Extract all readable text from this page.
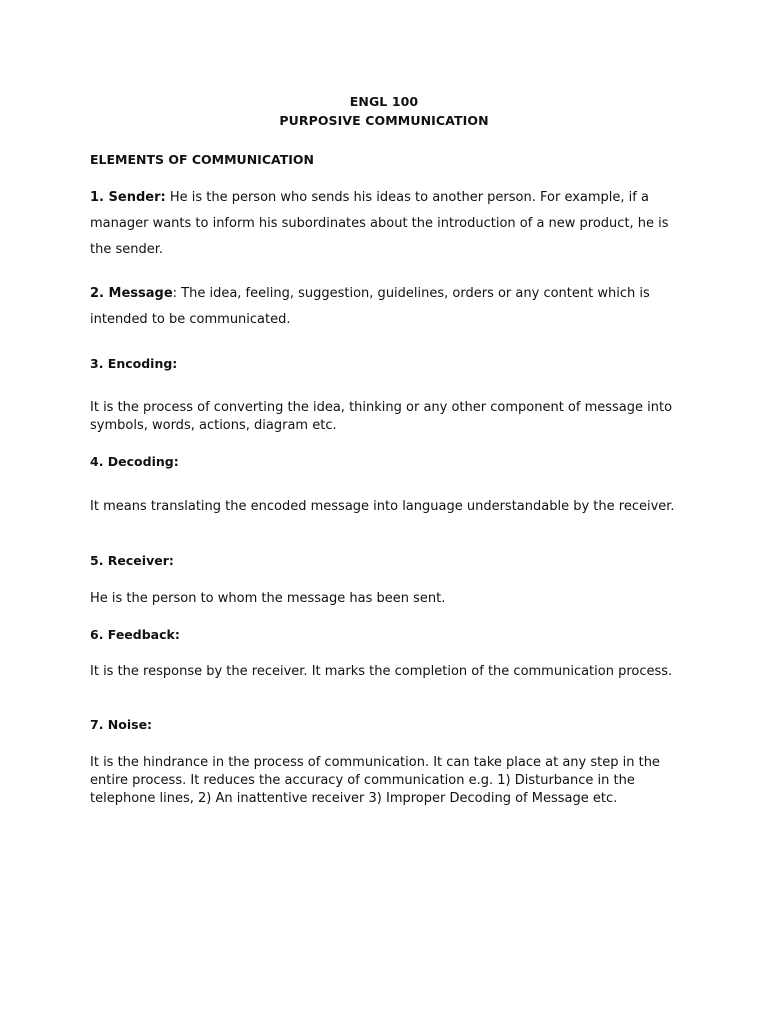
ENGL 100
PURPOSIVE COMMUNICATION
ELEMENTS OF COMMUNICATION

1. Sender: He is the person who sends his ideas to another person. For example, if a manager wants to inform his subordinates about the introduction of a new product, he is the sender.

2. Message: The idea, feeling, suggestion, guidelines, orders or any content which is intended to be communicated.

3. Encoding:

It is the process of converting the idea, thinking or any other component of message into symbols, words, actions, diagram etc.

4. Decoding:

It means translating the encoded message into language understandable by the receiver.

5. Receiver:

He is the person to whom the message has been sent.

6. Feedback:

It is the response by the receiver. It marks the completion of the communication process.

7. Noise:

It is the hindrance in the process of communication. It can take place at any step in the entire process. It reduces the accuracy of communication e.g. 1) Disturbance in the telephone lines, 2) An inattentive receiver 3) Improper Decoding of Message etc.
